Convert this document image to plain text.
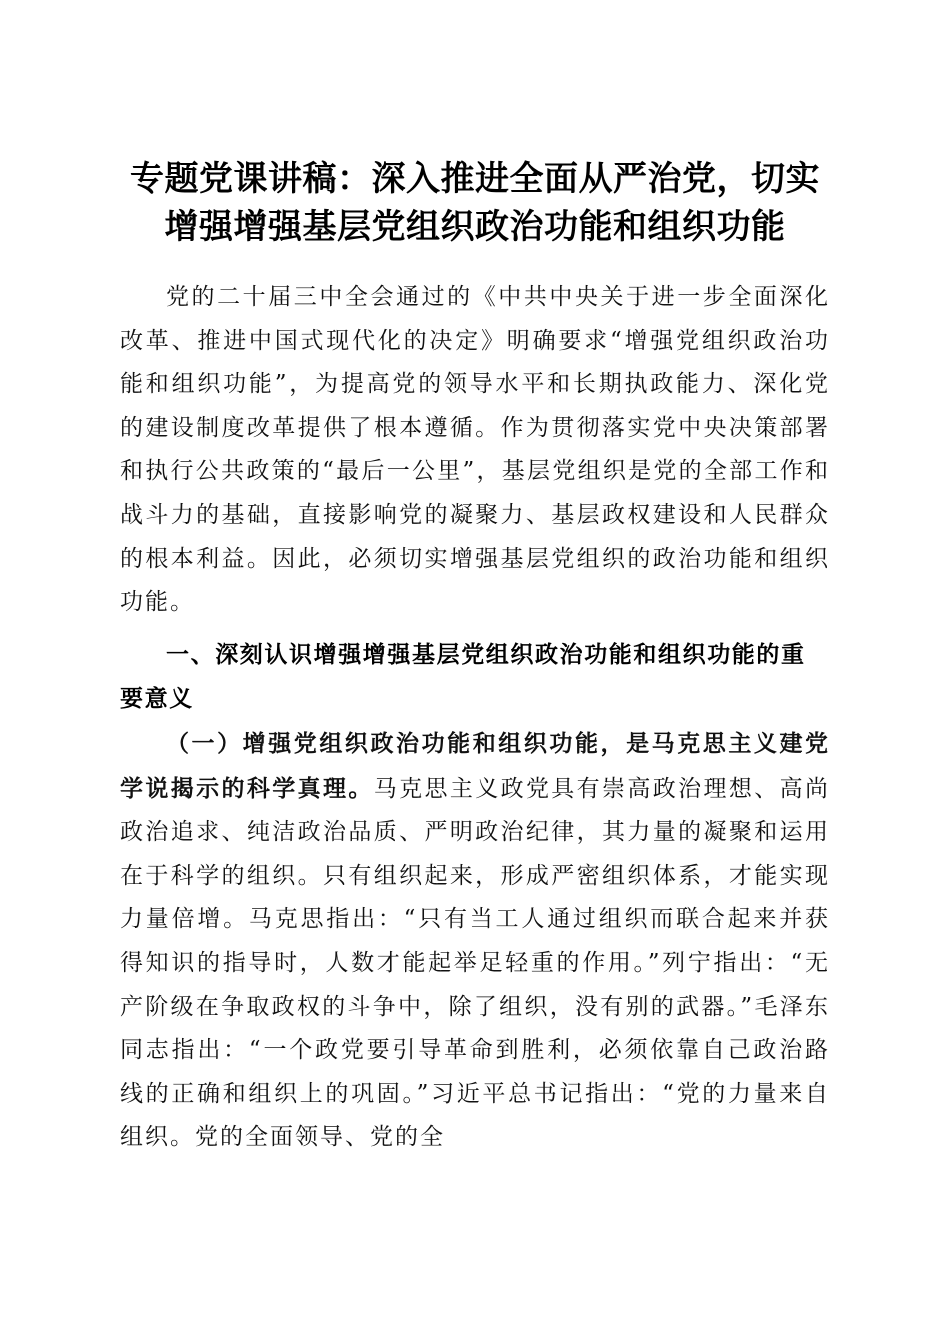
专题党课讲稿：深入推进全面从严治党，切实
增强增强基层党组织政治功能和组织功能

党的二十届三中全会通过的《中共中央关于进一步全面深化改革、推进中国式现代化的决定》明确要求“增强党组织政治功能和组织功能”，为提高党的领导水平和长期执政能力、深化党的建设制度改革提供了根本遵循。作为贯彻落实党中央决策部署和执行公共政策的“最后一公里”，基层党组织是党的全部工作和战斗力的基础，直接影响党的凝聚力、基层政权建设和人民群众的根本利益。因此，必须切实增强基层党组织的政治功能和组织功能。

一、深刻认识增强增强基层党组织政治功能和组织功能的重要意义

（一）增强党组织政治功能和组织功能，是马克思主义建党学说揭示的科学真理。马克思主义政党具有崇高政治理想、高尚政治追求、纯洁政治品质、严明政治纪律，其力量的凝聚和运用在于科学的组织。只有组织起来，形成严密组织体系，才能实现力量倍增。马克思指出：“只有当工人通过组织而联合起来并获得知识的指导时，人数才能起举足轻重的作用。”列宁指出：“无产阶级在争取政权的斗争中，除了组织，没有别的武器。”毛泽东同志指出：“一个政党要引导革命到胜利，必须依靠自己政治路线的正确和组织上的巩固。”习近平总书记指出：“党的力量来自组织。党的全面领导、党的全
